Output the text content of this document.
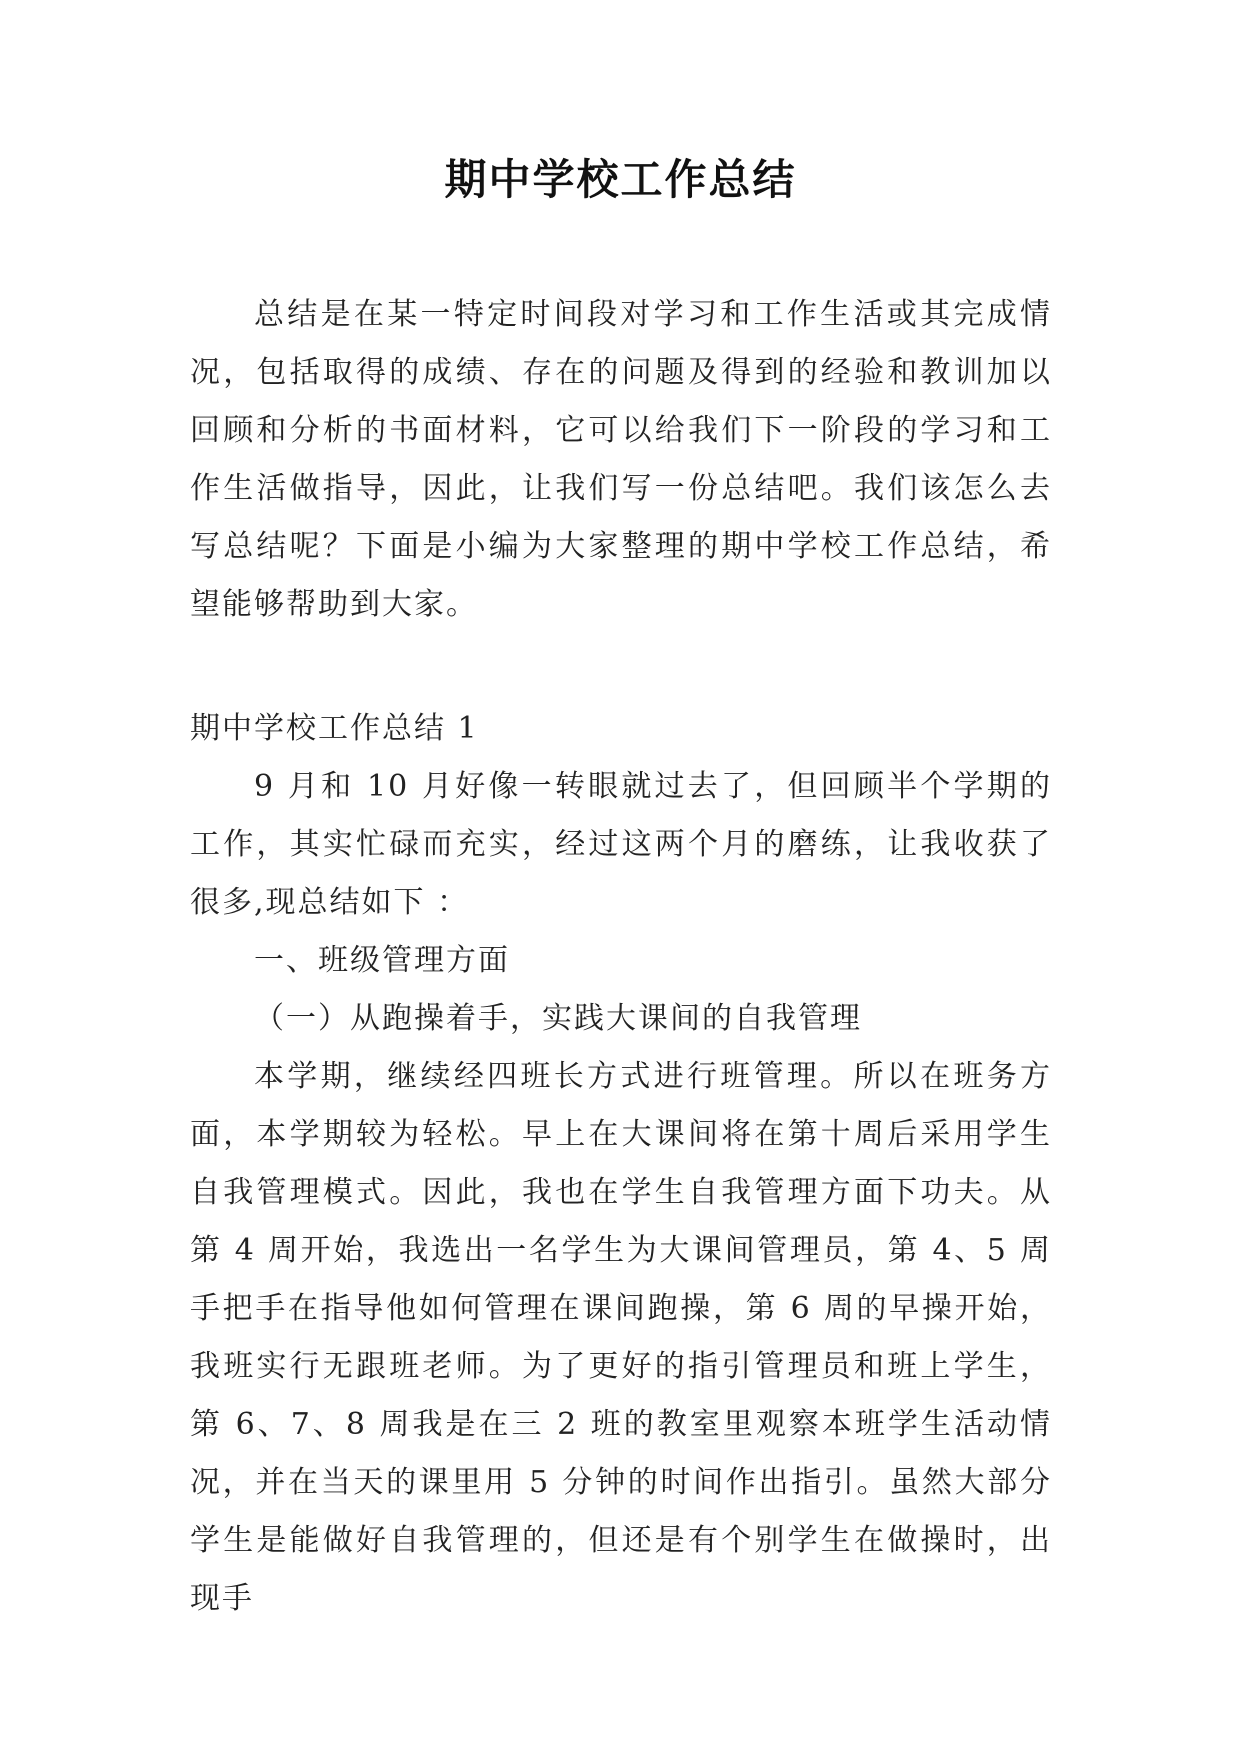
期中学校工作总结

总结是在某一特定时间段对学习和工作生活或其完成情况，包括取得的成绩、存在的问题及得到的经验和教训加以回顾和分析的书面材料，它可以给我们下一阶段的学习和工作生活做指导，因此，让我们写一份总结吧。我们该怎么去写总结呢？下面是小编为大家整理的期中学校工作总结，希望能够帮助到大家。

期中学校工作总结 1

9 月和 10 月好像一转眼就过去了，但回顾半个学期的工作，其实忙碌而充实，经过这两个月的磨练，让我收获了很多,现总结如下 ：

一、班级管理方面

（一）从跑操着手，实践大课间的自我管理

本学期，继续经四班长方式进行班管理。所以在班务方面，本学期较为轻松。早上在大课间将在第十周后采用学生自我管理模式。因此，我也在学生自我管理方面下功夫。从第 4 周开始，我选出一名学生为大课间管理员，第 4、5 周手把手在指导他如何管理在课间跑操，第 6 周的早操开始，我班实行无跟班老师。为了更好的指引管理员和班上学生，第 6、7、8 周我是在三 2 班的教室里观察本班学生活动情况，并在当天的课里用 5 分钟的时间作出指引。虽然大部分学生是能做好自我管理的，但还是有个别学生在做操时，出现手
